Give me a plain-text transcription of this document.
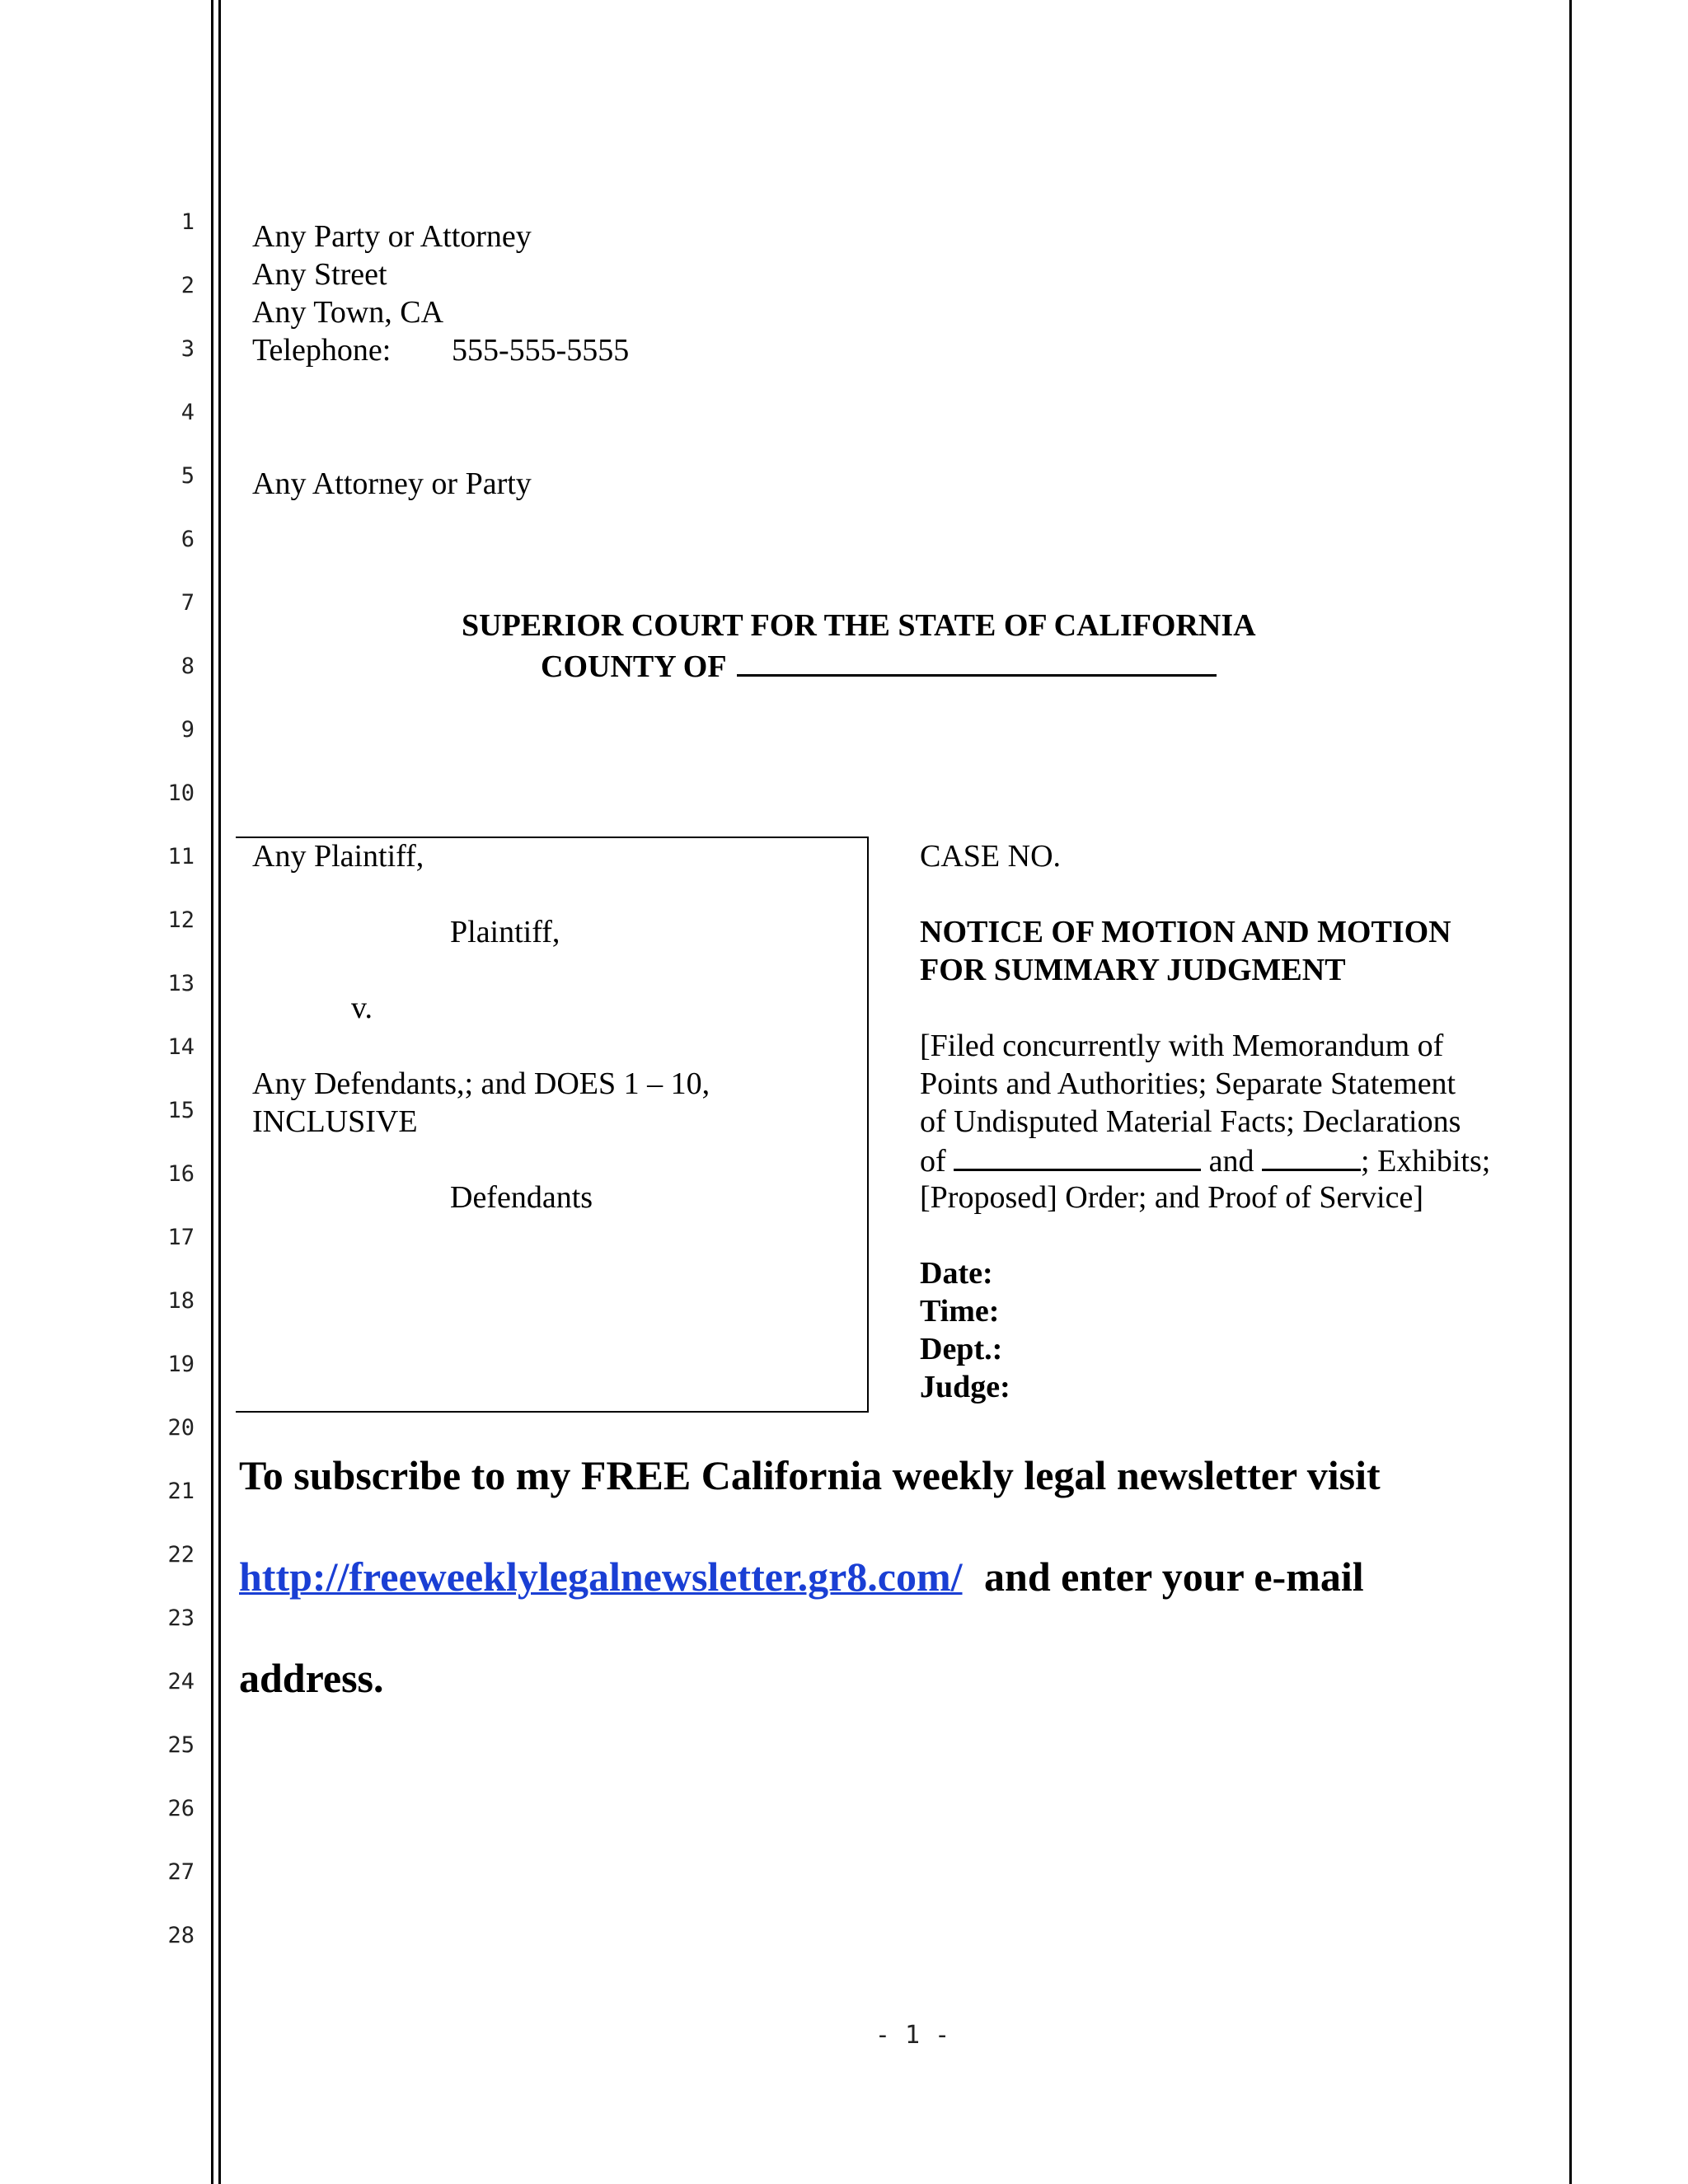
1
2
3
4
5
6
7
8
9
10
11
12
13
14
15
16
17
18
19
20
21
22
23
24
25
26
27
28
Any Party or Attorney
Any Street
Any Town, CA
Telephone: 555-555-5555
Any Attorney or Party
SUPERIOR COURT FOR THE STATE OF CALIFORNIA
COUNTY OF
Any Plaintiff,
Plaintiff,
v.
Any Defendants,; and DOES 1 – 10,
INCLUSIVE
Defendants
CASE NO.
NOTICE OF MOTION AND MOTION
FOR SUMMARY JUDGMENT
[Filed concurrently with Memorandum of
Points and Authorities; Separate Statement
of Undisputed Material Facts; Declarations
of	and	; Exhibits;
[Proposed] Order; and Proof of Service]
Date:
Time:
Dept.:
Judge:
To subscribe to my FREE California weekly legal newsletter visit
http://freeweeklylegalnewsletter.gr8.com/ and enter your e-mail
address.
- 1 -
